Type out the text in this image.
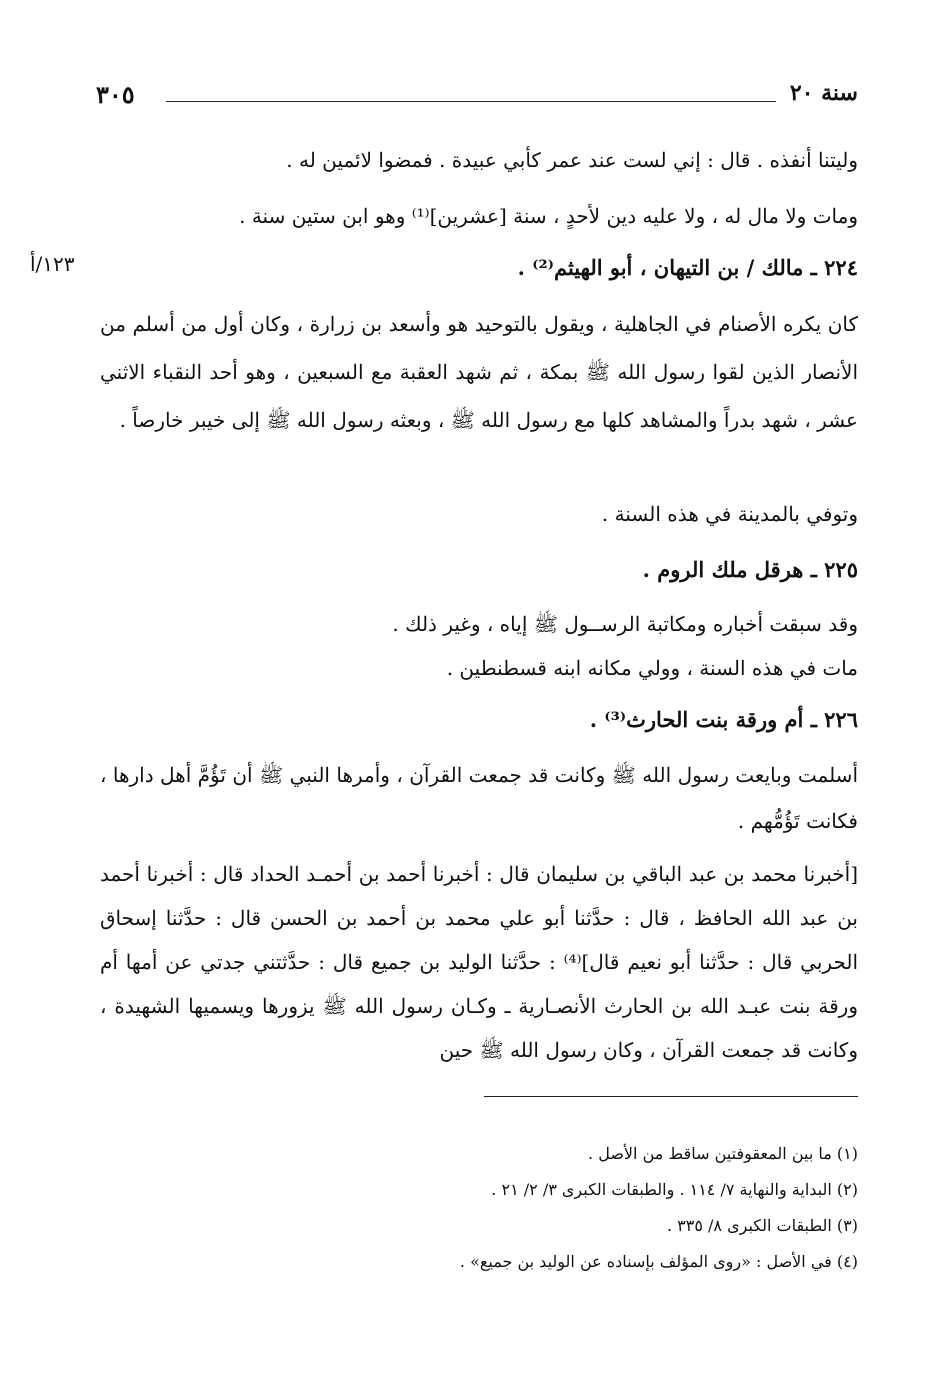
سنة ٢٠
٣٠٥
١٢٣/أ
وليتنا أنفذه . قال : إني لست عند عمر كأبي عبيدة . فمضوا لائمين له .
ومات ولا مال له ، ولا عليه دين لأحدٍ ، سنة [عشرين]⁽¹⁾ وهو ابن ستين سنة .
٢٢٤ ـ مالك / بن التيهان ، أبو الهيثم⁽²⁾ .
كان يكره الأصنام في الجاهلية ، ويقول بالتوحيد هو وأسعد بن زرارة ، وكان أول من أسلم من الأنصار الذين لقوا رسول الله ﷺ بمكة ، ثم شهد العقبة مع السبعين ، وهو أحد النقباء الاثني عشر ، شهد بدراً والمشاهد كلها مع رسول الله ﷺ ، وبعثه رسول الله ﷺ إلى خيبر خارصاً .
وتوفي بالمدينة في هذه السنة .
٢٢٥ ـ هرقل ملك الروم .
وقد سبقت أخباره ومكاتبة الرســول ﷺ إياه ، وغير ذلك .
مات في هذه السنة ، وولي مكانه ابنه قسطنطين .
٢٢٦ ـ أم ورقة بنت الحارث⁽³⁾ .
أسلمت وبايعت رسول الله ﷺ وكانت قد جمعت القرآن ، وأمرها النبي ﷺ أن تَؤُمَّ أهل دارها ، فكانت تَؤُمُّهم .
[أخبرنا محمد بن عبد الباقي بن سليمان قال : أخبرنا أحمد بن أحمـد الحداد قال : أخبرنا أحمد بن عبد الله الحافظ ، قال : حدَّثنا أبو علي محمد بن أحمد بن الحسن قال : حدَّثنا إسحاق الحربي قال : حدَّثنا أبو نعيم قال]⁽⁴⁾ : حدَّثنا الوليد بن جميع قال : حدَّثتني جدتي عن أمها أم ورقة بنت عبـد الله بن الحارث الأنصـارية ـ وكـان رسول الله ﷺ يزورها ويسميها الشهيدة ، وكانت قد جمعت القرآن ، وكان رسول الله ﷺ حين
(١) ما بين المعقوفتين ساقط من الأصل .
(٢) البداية والنهاية ٧/ ١١٤ . والطبقات الكبرى ٣/ ٢/ ٢١ .
(٣) الطبقات الكبرى ٨/ ٣٣٥ .
(٤) في الأصل : «روى المؤلف بإسناده عن الوليد بن جميع» .
